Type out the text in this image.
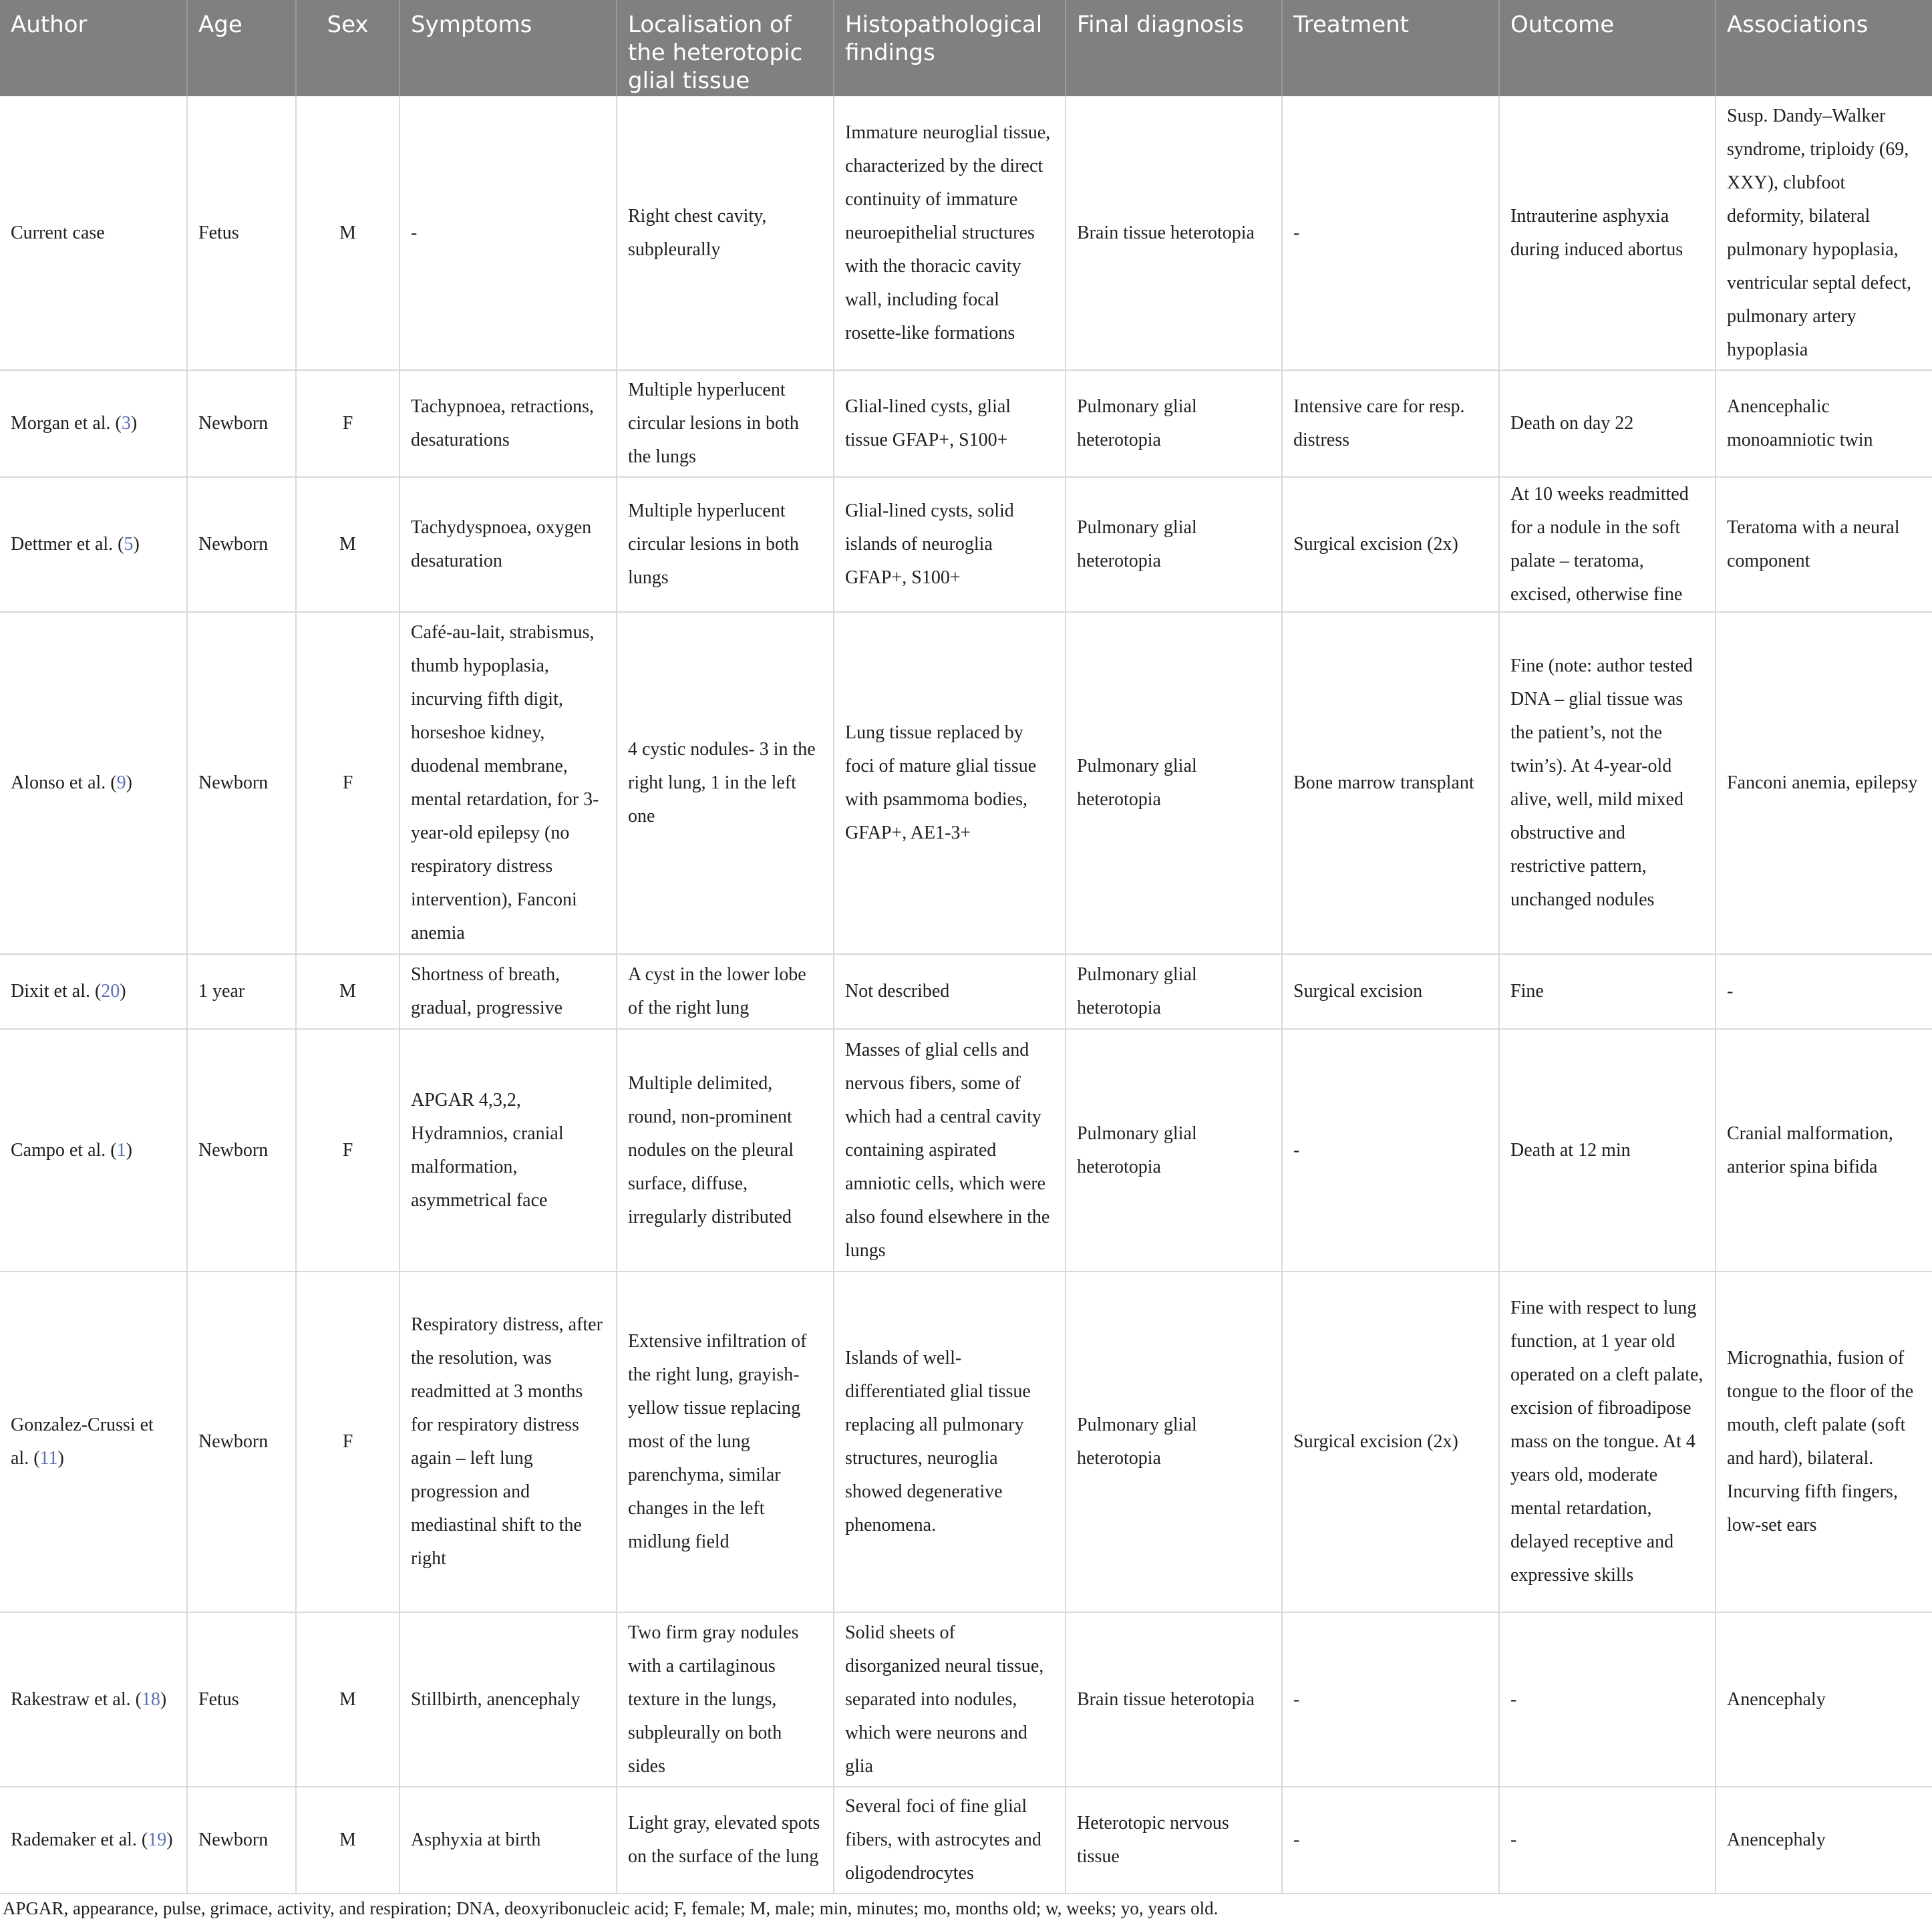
Author	Age	Sex	Symptoms	Localisation of the heterotopic glial tissue	Histopathological findings	Final diagnosis	Treatment	Outcome	Associations
Current case	Fetus	M	-	Right chest cavity, subpleurally	Immature neuroglial tissue, characterized by the direct continuity of immature neuroepithelial structures with the thoracic cavity wall, including focal rosette-like formations	Brain tissue heterotopia	-	Intrauterine asphyxia during induced abortus	Susp. Dandy–Walker syndrome, triploidy (69, XXY), clubfoot deformity, bilateral pulmonary hypoplasia, ventricular septal defect, pulmonary artery hypoplasia
Morgan et al. (3)	Newborn	F	Tachypnoea, retractions, desaturations	Multiple hyperlucent circular lesions in both the lungs	Glial-lined cysts, glial tissue GFAP+, S100+	Pulmonary glial heterotopia	Intensive care for resp. distress	Death on day 22	Anencephalic monoamniotic twin
Dettmer et al. (5)	Newborn	M	Tachydyspnoea, oxygen desaturation	Multiple hyperlucent circular lesions in both lungs	Glial-lined cysts, solid islands of neuroglia GFAP+, S100+	Pulmonary glial heterotopia	Surgical excision (2x)	At 10 weeks readmitted for a nodule in the soft palate – teratoma, excised, otherwise fine	Teratoma with a neural component
Alonso et al. (9)	Newborn	F	Café-au-lait, strabismus, thumb hypoplasia, incurving fifth digit, horseshoe kidney, duodenal membrane, mental retardation, for 3-year-old epilepsy (no respiratory distress intervention), Fanconi anemia	4 cystic nodules- 3 in the right lung, 1 in the left one	Lung tissue replaced by foci of mature glial tissue with psammoma bodies, GFAP+, AE1-3+	Pulmonary glial heterotopia	Bone marrow transplant	Fine (note: author tested DNA – glial tissue was the patient’s, not the twin’s). At 4-year-old alive, well, mild mixed obstructive and restrictive pattern, unchanged nodules	Fanconi anemia, epilepsy
Dixit et al. (20)	1 year	M	Shortness of breath, gradual, progressive	A cyst in the lower lobe of the right lung	Not described	Pulmonary glial heterotopia	Surgical excision	Fine	-
Campo et al. (1)	Newborn	F	APGAR 4,3,2, Hydramnios, cranial malformation, asymmetrical face	Multiple delimited, round, non-prominent nodules on the pleural surface, diffuse, irregularly distributed	Masses of glial cells and nervous fibers, some of which had a central cavity containing aspirated amniotic cells, which were also found elsewhere in the lungs	Pulmonary glial heterotopia	-	Death at 12 min	Cranial malformation, anterior spina bifida
Gonzalez-Crussi et al. (11)	Newborn	F	Respiratory distress, after the resolution, was readmitted at 3 months for respiratory distress again – left lung progression and mediastinal shift to the right	Extensive infiltration of the right lung, grayish-yellow tissue replacing most of the lung parenchyma, similar changes in the left midlung field	Islands of well-differentiated glial tissue replacing all pulmonary structures, neuroglia showed degenerative phenomena.	Pulmonary glial heterotopia	Surgical excision (2x)	Fine with respect to lung function, at 1 year old operated on a cleft palate, excision of fibroadipose mass on the tongue. At 4 years old, moderate mental retardation, delayed receptive and expressive skills	Micrognathia, fusion of tongue to the floor of the mouth, cleft palate (soft and hard), bilateral. Incurving fifth fingers, low-set ears
Rakestraw et al. (18)	Fetus	M	Stillbirth, anencephaly	Two firm gray nodules with a cartilaginous texture in the lungs, subpleurally on both sides	Solid sheets of disorganized neural tissue, separated into nodules, which were neurons and glia	Brain tissue heterotopia	-	-	Anencephaly
Rademaker et al. (19)	Newborn	M	Asphyxia at birth	Light gray, elevated spots on the surface of the lung	Several foci of fine glial fibers, with astrocytes and oligodendrocytes	Heterotopic nervous tissue	-	-	Anencephaly
APGAR, appearance, pulse, grimace, activity, and respiration; DNA, deoxyribonucleic acid; F, female; M, male; min, minutes; mo, months old; w, weeks; yo, years old.
